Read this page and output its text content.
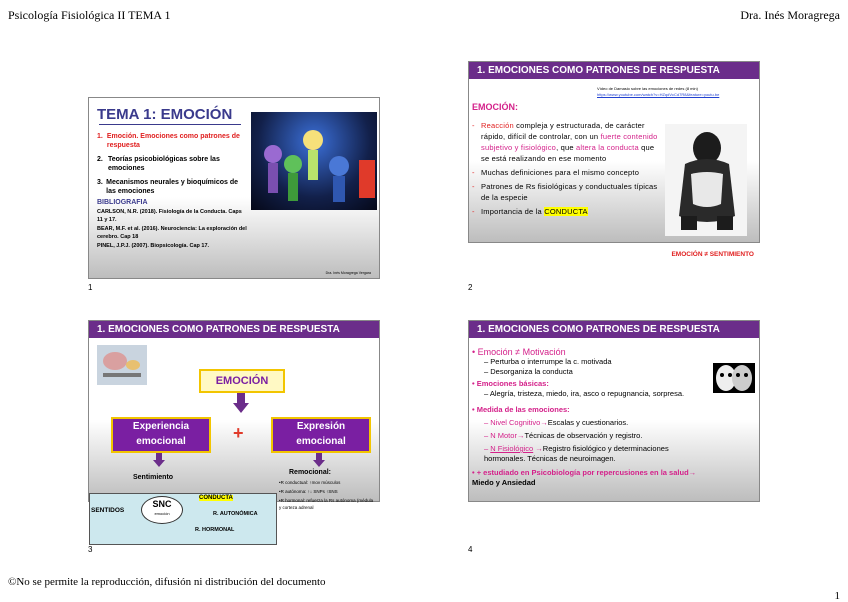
Psicología Fisiológica II TEMA 1	Dra. Inés Moragrega
TEMA 1: EMOCIÓN
1. Emoción. Emociones como patrones de respuesta
2. Teorías psicobiológicas sobre las emociones
3. Mecanismos neurales y bioquímicos de las emociones
BIBLIOGRAFIA
CARLSON, N.R. (2018). Fisiología de la Conducta. Caps 11 y 17.
BEAR, M.F. et al. (2016). Neurociencia: La exploración del cerebro. Cap 18
PINEL, J.P.J. (2007). Biopsicología. Cap 17.
Dra. Inés Moragrega Vergara
1
1. EMOCIONES COMO PATRONES DE RESPUESTA
Vídeo de Damasio sobre las emociones de redes (8 min)
https://www.youtube.com/watch?v=HZqdVcCd7R8&feature=youtu.be
EMOCIÓN:
- Reacción compleja y estructurada, de carácter rápido, difícil de controlar, con un fuerte contenido subjetivo y fisiológico, que altera la conducta que se está realizando en ese momento
- Muchas definiciones para el mismo concepto
- Patrones de Rs fisiológicas y conductuales típicas de la especie
- Importancia de la CONDUCTA
EMOCIÓN ≠ SENTIMIENTO
2
1. EMOCIONES COMO PATRONES DE RESPUESTA
EMOCIÓN
Experiencia emocional	+	Expresión emocional
Sentimiento
Remocional:
•R conductual: ↑mov músculos
•R autónoma: ↑↓ SNPs ↑SNS
•R hormonal: refuerza la Rs autónoma (médula y corteza adrenal
CONDUCTA
SENTIDOS
SNC
emoción	R. AUTONÓMICA
R. HORMONAL
3
1. EMOCIONES COMO PATRONES DE RESPUESTA
• Emoción ≠ Motivación
– Perturba o interrumpe la c. motivada
– Desorganiza la conducta
• Emociones básicas:
– Alegría, tristeza, miedo, ira, asco o repugnancia, sorpresa.
• Medida de las emociones:
– Nivel Cognitivo→Escalas y cuestionarios.
– N Motor→Técnicas de observación y registro.
– N Fisiológico →Registro fisiológico y determinaciones hormonales. Técnicas de neuroimagen.
• + estudiado en Psicobiología por repercusiones en la salud→ Miedo y Ansiedad
4
©No se permite la reproducción, difusión ni distribución del documento
1
